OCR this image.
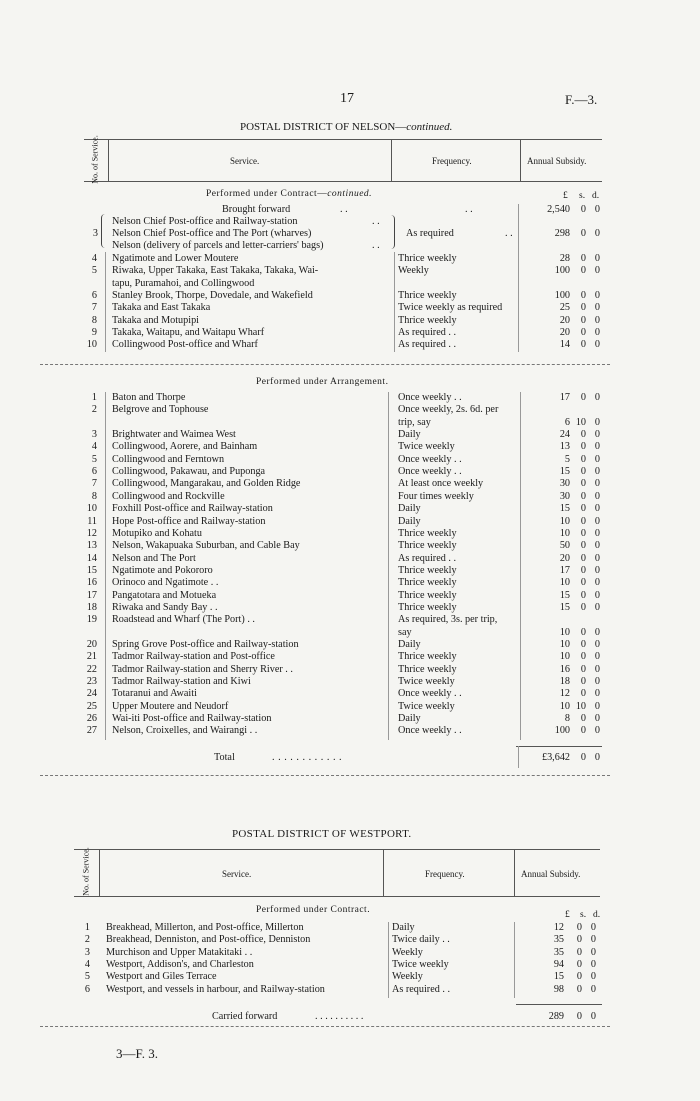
17	F.—3.
POSTAL DISTRICT OF NELSON—continued.
No. of Service.	Service.	Frequency.	Annual Subsidy.
Performed under Contract—continued.	£ s. d.
Brought forward	. .	. .	2,540	0 0
Nelson Chief Post-office and Railway-station	. .
3 Nelson Chief Post-office and The Port (wharves)	As required	. .	298	0 0
Nelson (delivery of parcels and letter-carriers' bags)	. .
4 Ngatimote and Lower Moutere	Thrice weekly	28	0 0
5 Riwaka, Upper Takaka, East Takaka, Takaka, Wai-	Weekly	100	0 0
tapu, Puramahoi, and Collingwood
6 Stanley Brook, Thorpe, Dovedale, and Wakefield	Thrice weekly	100	0 0
7 Takaka and East Takaka	Twice weekly as required	25	0 0
8 Takaka and Motupipi	Thrice weekly	20	0 0
9 Takaka, Waitapu, and Waitapu Wharf	As required . .	20	0 0
10 Collingwood Post-office and Wharf	As required . .	14	0 0
Performed under Arrangement.
1 Baton and Thorpe	Once weekly . .	17	0 0
2 Belgrove and Tophouse	Once weekly, 2s. 6d. per
trip, say	6 10 0
3 Brightwater and Waimea West	Daily	24	0 0
4 Collingwood, Aorere, and Bainham	Twice weekly	13	0 0
5 Collingwood and Ferntown	Once weekly . .	5	0 0
6 Collingwood, Pakawau, and Puponga	Once weekly . .	15	0 0
7 Collingwood, Mangarakau, and Golden Ridge	At least once weekly	30	0 0
8 Collingwood and Rockville	Four times weekly	30	0 0
10 Foxhill Post-office and Railway-station	Daily	15	0 0
11 Hope Post-office and Railway-station	Daily	10	0 0
12 Motupiko and Kohatu	Thrice weekly	10	0 0
13 Nelson, Wakapuaka Suburban, and Cable Bay	Thrice weekly	50	0 0
14 Nelson and The Port	As required . .	20	0 0
15 Ngatimote and Pokororo	Thrice weekly	17	0 0
16 Orinoco and Ngatimote . .	Thrice weekly	10	0 0
17 Pangatotara and Motueka	Thrice weekly	15	0 0
18 Riwaka and Sandy Bay . .	Thrice weekly	15	0 0
19 Roadstead and Wharf (The Port) . .	As required, 3s. per trip,
say	10	0 0
20 Spring Grove Post-office and Railway-station	Daily	10	0 0
21 Tadmor Railway-station and Post-office	Thrice weekly	10	0 0
22 Tadmor Railway-station and Sherry River . .	Thrice weekly	16	0 0
23 Tadmor Railway-station and Kiwi	Twice weekly	18	0 0
24 Totaranui and Awaiti	Once weekly . .	12	0 0
25 Upper Moutere and Neudorf	Twice weekly	10 10 0
26 Wai-iti Post-office and Railway-station	Daily	8	0 0
27 Nelson, Croixelles, and Wairangi . .	Once weekly . .	100	0 0
Total	. . . . . . . . . . . .	£3,642	0 0
POSTAL DISTRICT OF WESTPORT.
No. of Service.	Service.	Frequency.	Annual Subsidy.
Performed under Contract.	£ s. d.
1 Breakhead, Millerton, and Post-office, Millerton	Daily	12	0 0
2 Breakhead, Denniston, and Post-office, Denniston	Twice daily . .	35	0 0
3 Murchison and Upper Matakitaki . .	Weekly	35	0 0
4 Westport, Addison's, and Charleston	Twice weekly	94	0 0
5 Westport and Giles Terrace	Weekly	15	0 0
6 Westport, and vessels in harbour, and Railway-station	As required . .	98	0 0
Carried forward	. . . . . . . . . .	289	0 0
3—F. 3.
